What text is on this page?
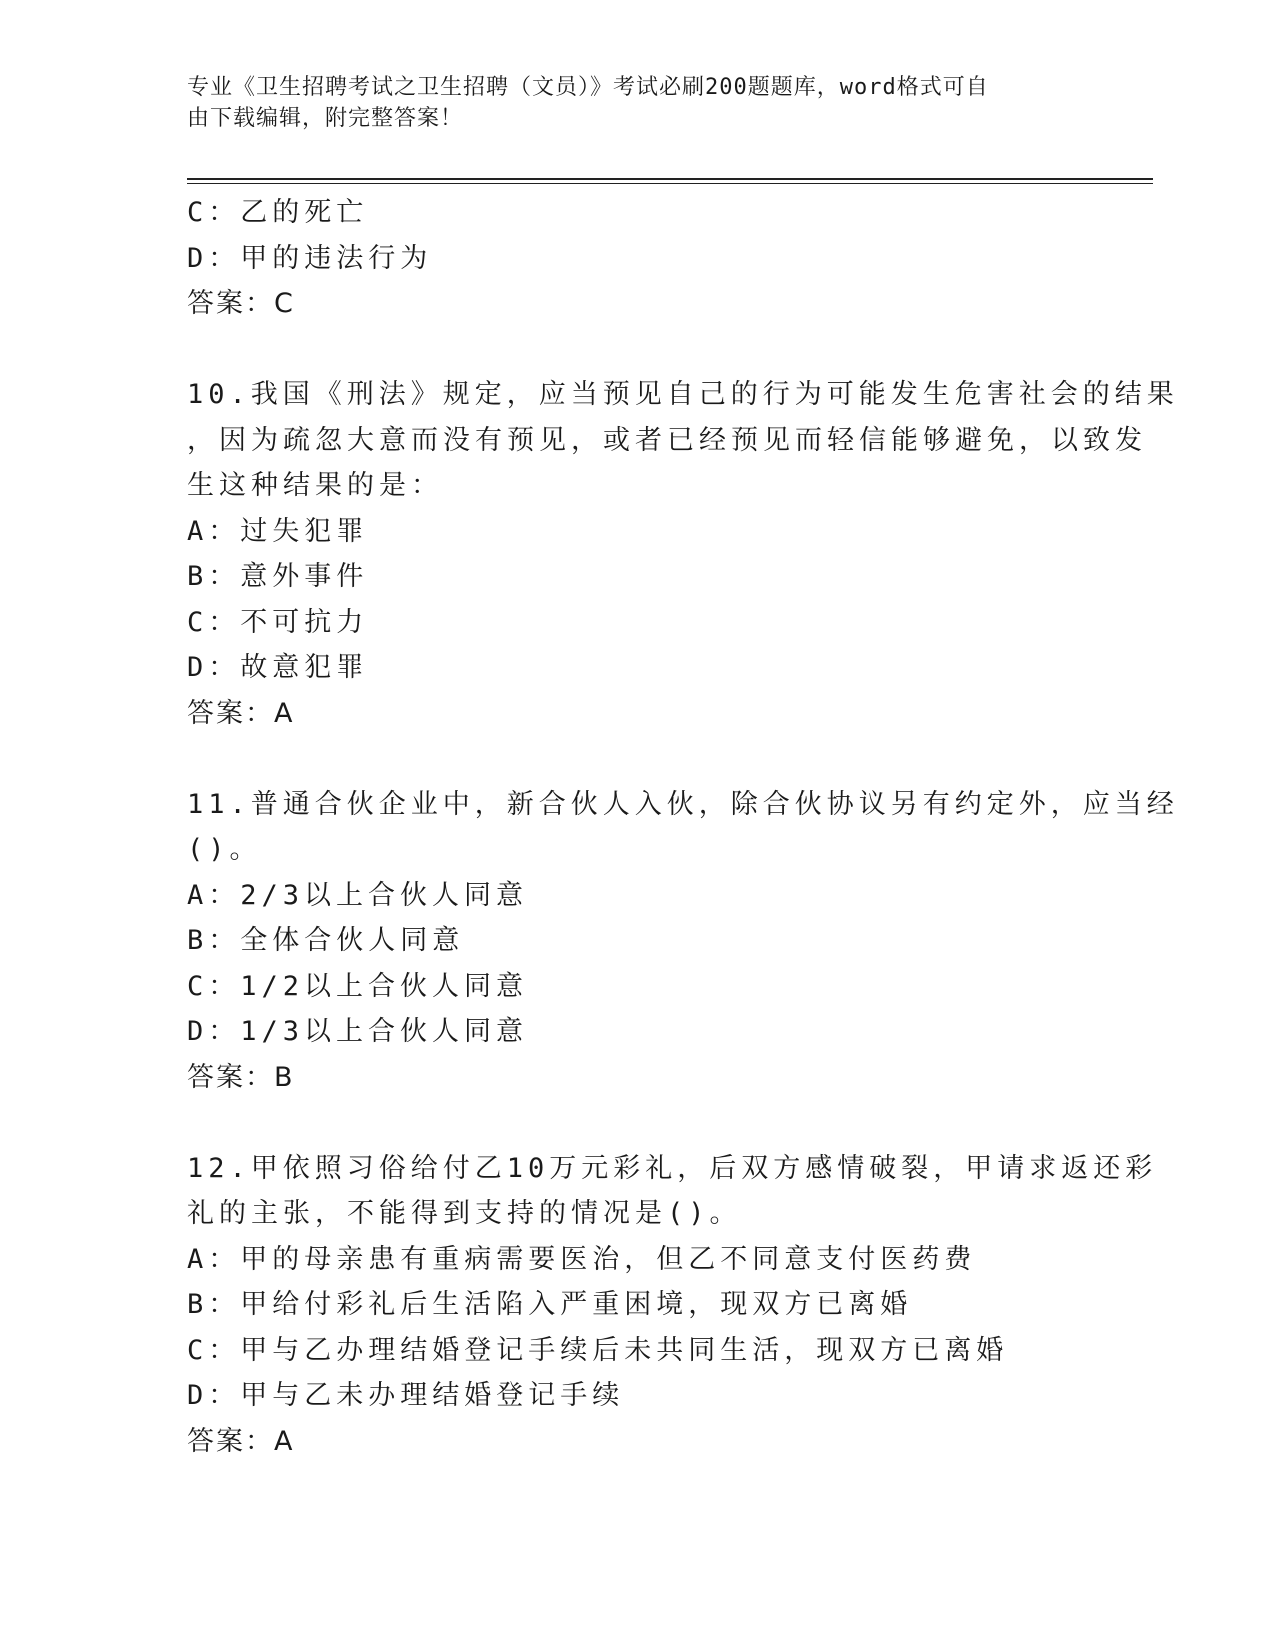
专业《卫生招聘考试之卫生招聘（文员）》考试必刷200题题库，word格式可自
由下载编辑，附完整答案！
C：乙的死亡
D：甲的违法行为
答案：C
10.我国《刑法》规定，应当预见自己的行为可能发生危害社会的结果
，因为疏忽大意而没有预见，或者已经预见而轻信能够避免，以致发
生这种结果的是：
A：过失犯罪
B：意外事件
C：不可抗力
D：故意犯罪
答案：A
11.普通合伙企业中，新合伙人入伙，除合伙协议另有约定外，应当经
()。
A：2/3以上合伙人同意
B：全体合伙人同意
C：1/2以上合伙人同意
D：1/3以上合伙人同意
答案：B
12.甲依照习俗给付乙10万元彩礼，后双方感情破裂，甲请求返还彩
礼的主张，不能得到支持的情况是()。
A：甲的母亲患有重病需要医治，但乙不同意支付医药费
B：甲给付彩礼后生活陷入严重困境，现双方已离婚
C：甲与乙办理结婚登记手续后未共同生活，现双方已离婚
D：甲与乙未办理结婚登记手续
答案：A
